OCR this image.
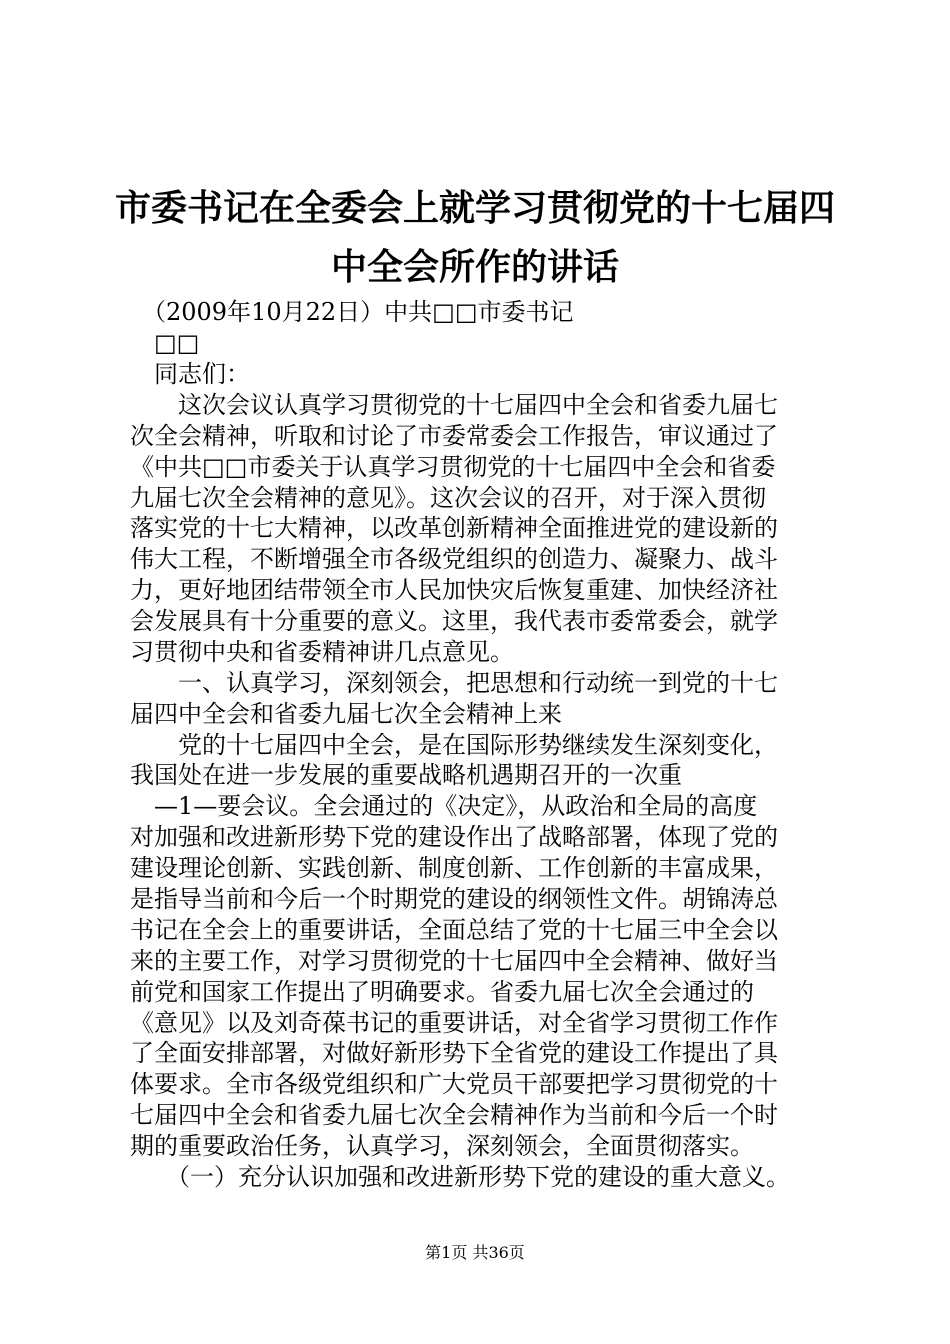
市委书记在全委会上就学习贯彻党的十七届四
中全会所作的讲话

　（2009年10月22日）中共□□市委书记

　□□

　同志们：

　　这次会议认真学习贯彻党的十七届四中全会和省委九届七

次全会精神，听取和讨论了市委常委会工作报告，审议通过了

《中共□□市委关于认真学习贯彻党的十七届四中全会和省委

九届七次全会精神的意见》。这次会议的召开，对于深入贯彻

落实党的十七大精神，以改革创新精神全面推进党的建设新的

伟大工程，不断增强全市各级党组织的创造力、凝聚力、战斗

力，更好地团结带领全市人民加快灾后恢复重建、加快经济社

会发展具有十分重要的意义。这里，我代表市委常委会，就学

习贯彻中央和省委精神讲几点意见。

　　一、认真学习，深刻领会，把思想和行动统一到党的十七

届四中全会和省委九届七次全会精神上来

　　党的十七届四中全会，是在国际形势继续发生深刻变化，

我国处在进一步发展的重要战略机遇期召开的一次重

　—1—要会议。全会通过的《决定》，从政治和全局的高度

对加强和改进新形势下党的建设作出了战略部署，体现了党的

建设理论创新、实践创新、制度创新、工作创新的丰富成果，

是指导当前和今后一个时期党的建设的纲领性文件。胡锦涛总

书记在全会上的重要讲话，全面总结了党的十七届三中全会以

来的主要工作，对学习贯彻党的十七届四中全会精神、做好当

前党和国家工作提出了明确要求。省委九届七次全会通过的

《意见》以及刘奇葆书记的重要讲话，对全省学习贯彻工作作

了全面安排部署，对做好新形势下全省党的建设工作提出了具

体要求。全市各级党组织和广大党员干部要把学习贯彻党的十

七届四中全会和省委九届七次全会精神作为当前和今后一个时

期的重要政治任务，认真学习，深刻领会，全面贯彻落实。

　　（一）充分认识加强和改进新形势下党的建设的重大意义。

第1页 共36页
